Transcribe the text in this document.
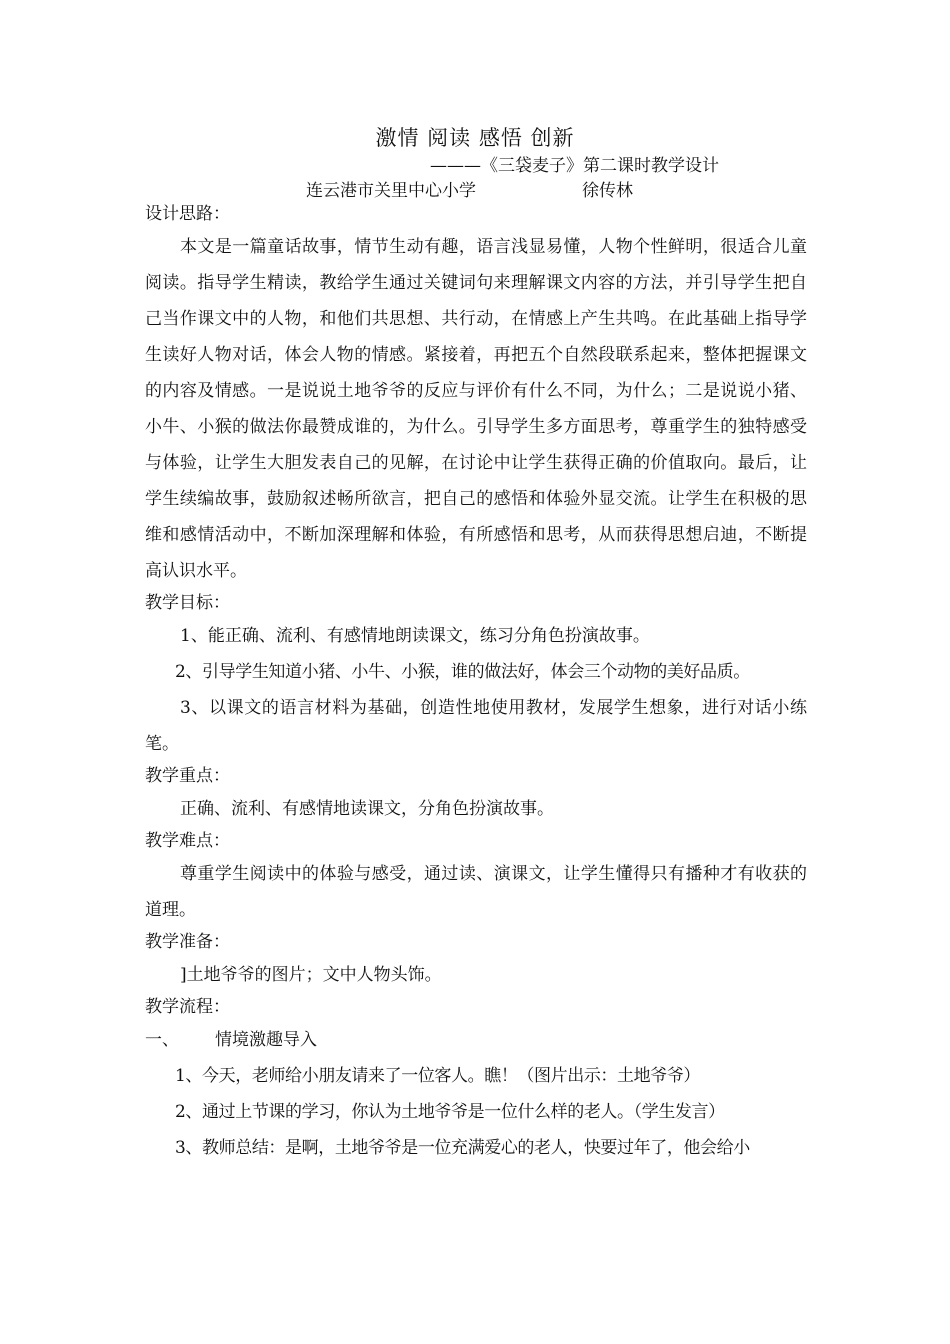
激情 阅读 感悟 创新
———《三袋麦子》第二课时教学设计
连云港市关里中心小学	徐传林
设计思路：

本文是一篇童话故事，情节生动有趣，语言浅显易懂，人物个性鲜明，很适合儿童阅读。指导学生精读，教给学生通过关键词句来理解课文内容的方法，并引导学生把自己当作课文中的人物，和他们共思想、共行动，在情感上产生共鸣。在此基础上指导学生读好人物对话，体会人物的情感。紧接着，再把五个自然段联系起来，整体把握课文的内容及情感。一是说说土地爷爷的反应与评价有什么不同，为什么；二是说说小猪、小牛、小猴的做法你最赞成谁的，为什么。引导学生多方面思考，尊重学生的独特感受与体验，让学生大胆发表自己的见解，在讨论中让学生获得正确的价值取向。最后，让学生续编故事，鼓励叙述畅所欲言，把自己的感悟和体验外显交流。让学生在积极的思维和感情活动中，不断加深理解和体验，有所感悟和思考，从而获得思想启迪，不断提高认识水平。

教学目标：

1、能正确、流利、有感情地朗读课文，练习分角色扮演故事。

2、引导学生知道小猪、小牛、小猴，谁的做法好，体会三个动物的美好品质。

3、以课文的语言材料为基础，创造性地使用教材，发展学生想象，进行对话小练笔。

教学重点：

正确、流利、有感情地读课文，分角色扮演故事。

教学难点：

尊重学生阅读中的体验与感受，通过读、演课文，让学生懂得只有播种才有收获的道理。

教学准备：

]土地爷爷的图片；文中人物头饰。

教学流程：
一、 情境激趣导入

1、今天，老师给小朋友请来了一位客人。瞧！（图片出示：土地爷爷）

2、通过上节课的学习，你认为土地爷爷是一位什么样的老人。（学生发言）

3、教师总结：是啊，土地爷爷是一位充满爱心的老人，快要过年了，他会给小
